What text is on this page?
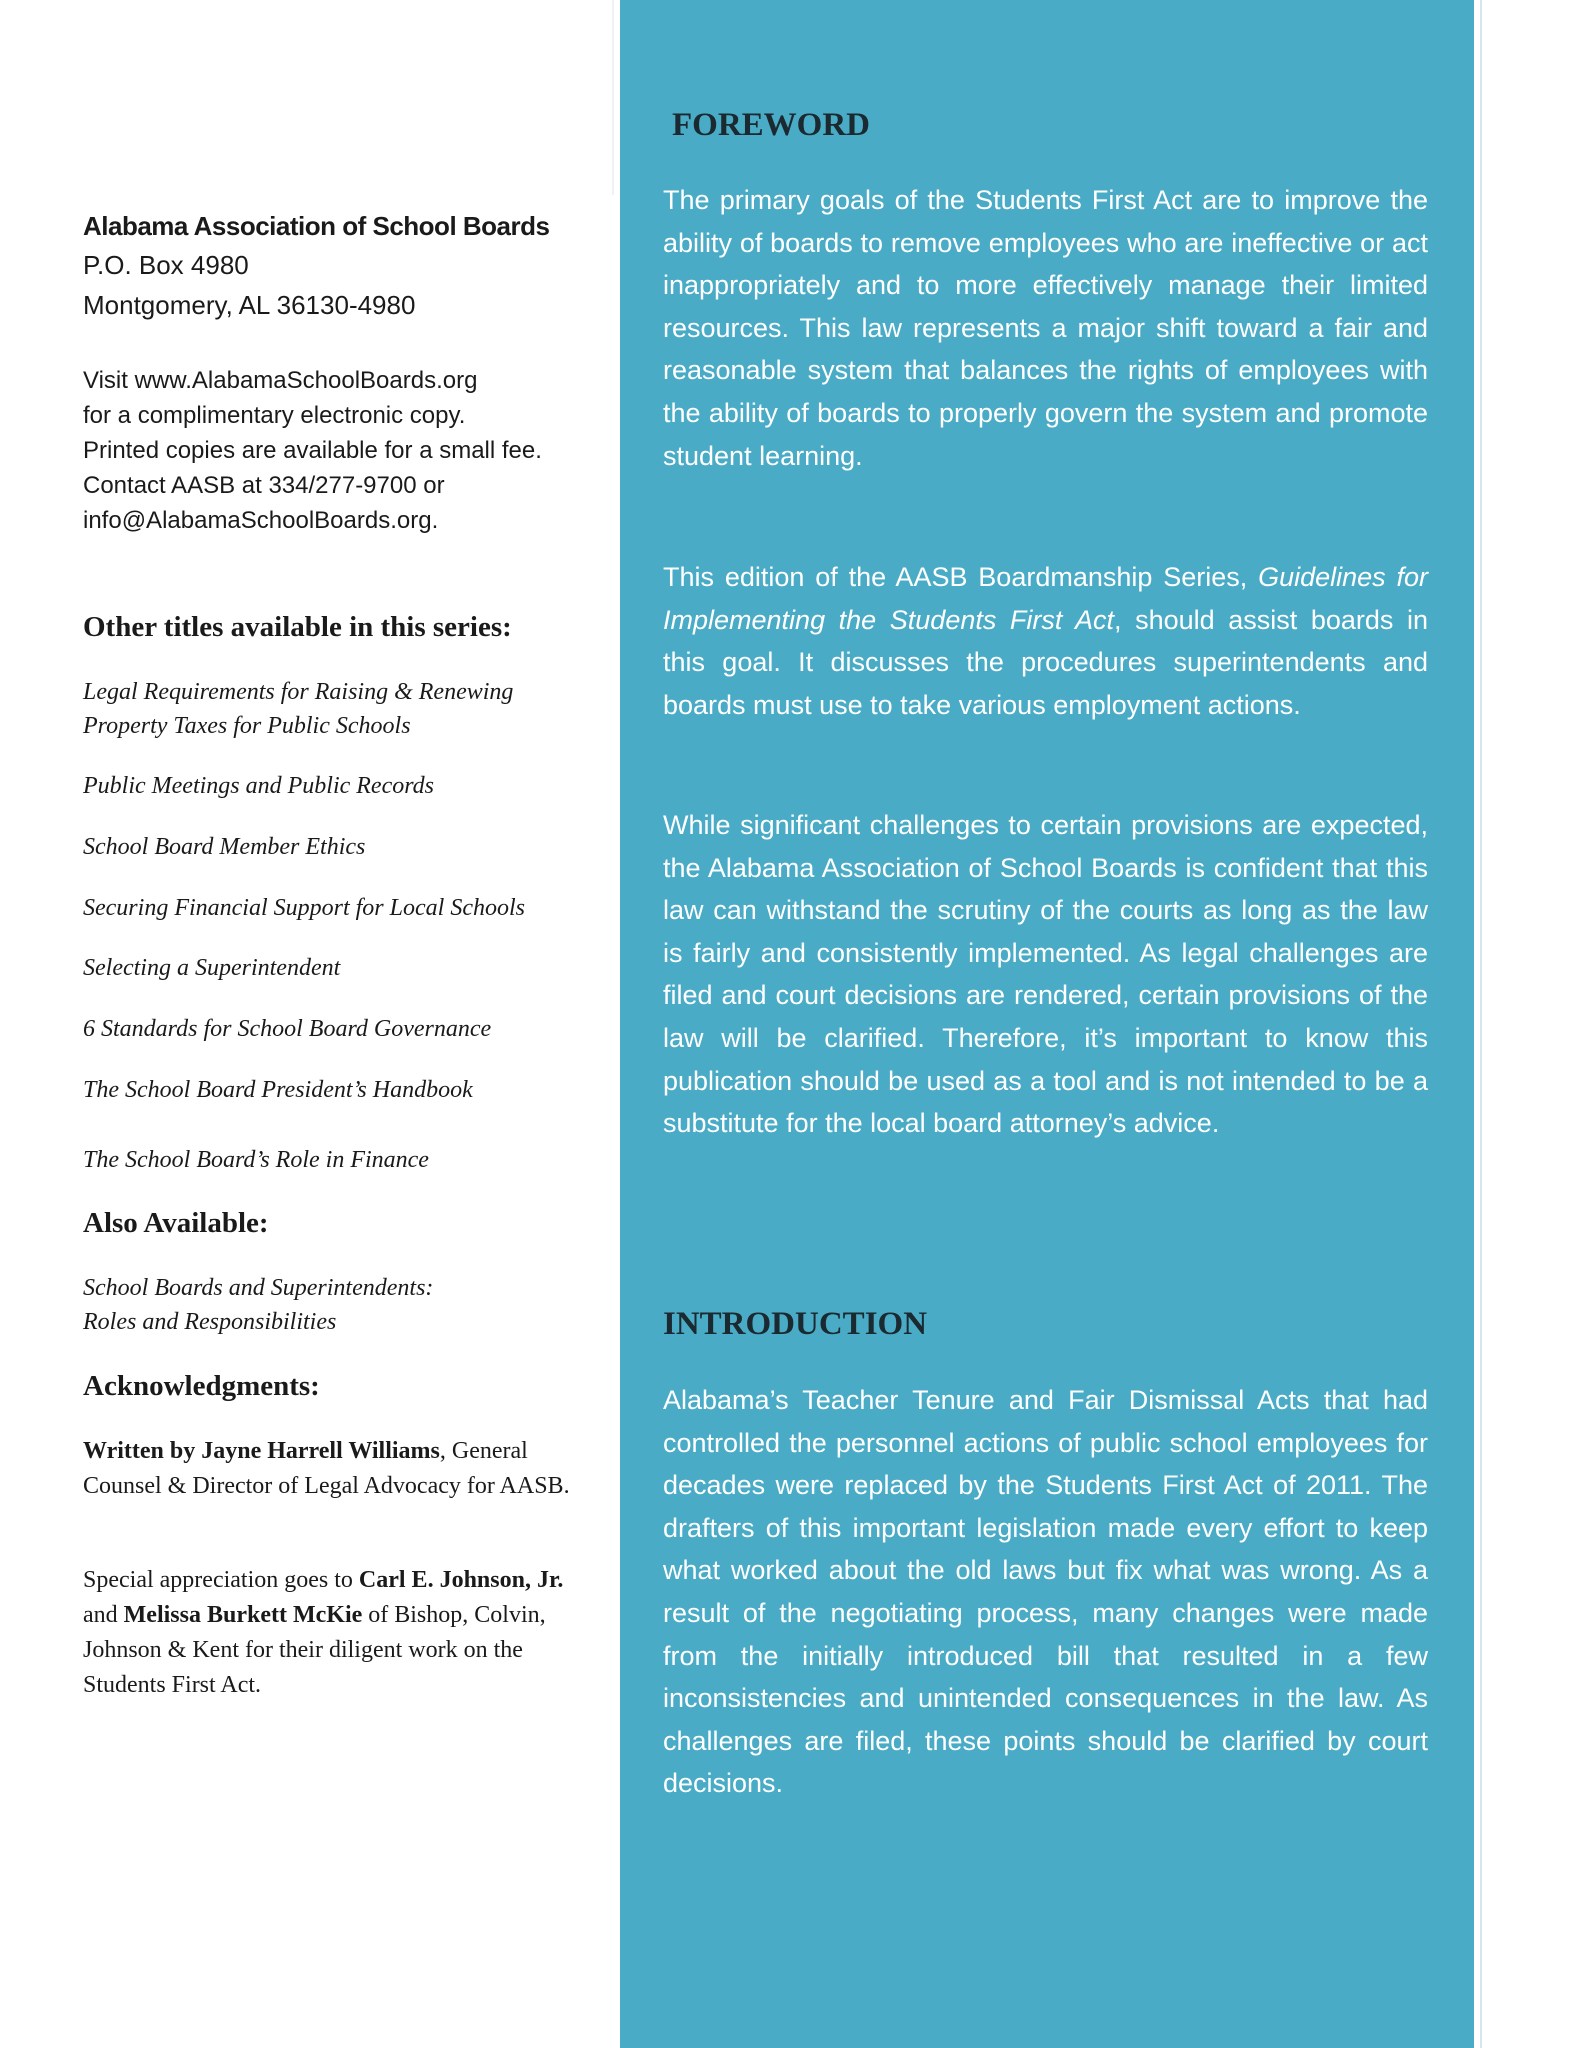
Alabama Association of School Boards
P.O. Box 4980
Montgomery, AL 36130-4980
Visit www.AlabamaSchoolBoards.org
for a complimentary electronic copy.
Printed copies are available for a small fee.
Contact AASB at 334/277-9700 or
info@AlabamaSchoolBoards.org.
Other titles available in this series:
Legal Requirements for Raising & Renewing
Property Taxes for Public Schools
Public Meetings and Public Records
School Board Member Ethics
Securing Financial Support for Local Schools
Selecting a Superintendent
6 Standards for School Board Governance
The School Board President’s Handbook
The School Board’s Role in Finance
Also Available:
School Boards and Superintendents:
Roles and Responsibilities
Acknowledgments:
Written by Jayne Harrell Williams, General Counsel & Director of Legal Advocacy for AASB.
Special appreciation goes to Carl E. Johnson, Jr. and Melissa Burkett McKie of Bishop, Colvin, Johnson & Kent for their diligent work on the Students First Act.
FOREWORD
The primary goals of the Students First Act are to improve the ability of boards to remove employees who are ineffective or act inappropriately and to more effectively manage their limited resources. This law represents a major shift toward a fair and reasonable system that balances the rights of employees with the ability of boards to properly govern the system and promote student learning.
This edition of the AASB Boardmanship Series, Guidelines for Implementing the Students First Act, should assist boards in this goal. It discusses the procedures superintendents and boards must use to take various employment actions.
While significant challenges to certain provisions are expected, the Alabama Association of School Boards is confident that this law can withstand the scrutiny of the courts as long as the law is fairly and consistently implemented. As legal challenges are filed and court decisions are rendered, certain provisions of the law will be clarified. Therefore, it’s important to know this publication should be used as a tool and is not intended to be a substitute for the local board attorney’s advice.
INTRODUCTION
Alabama’s Teacher Tenure and Fair Dismissal Acts that had controlled the personnel actions of public school employees for decades were replaced by the Students First Act of 2011. The drafters of this important legislation made every effort to keep what worked about the old laws but fix what was wrong. As a result of the negotiating process, many changes were made from the initially introduced bill that resulted in a few inconsistencies and unintended consequences in the law. As challenges are filed, these points should be clarified by court decisions.
